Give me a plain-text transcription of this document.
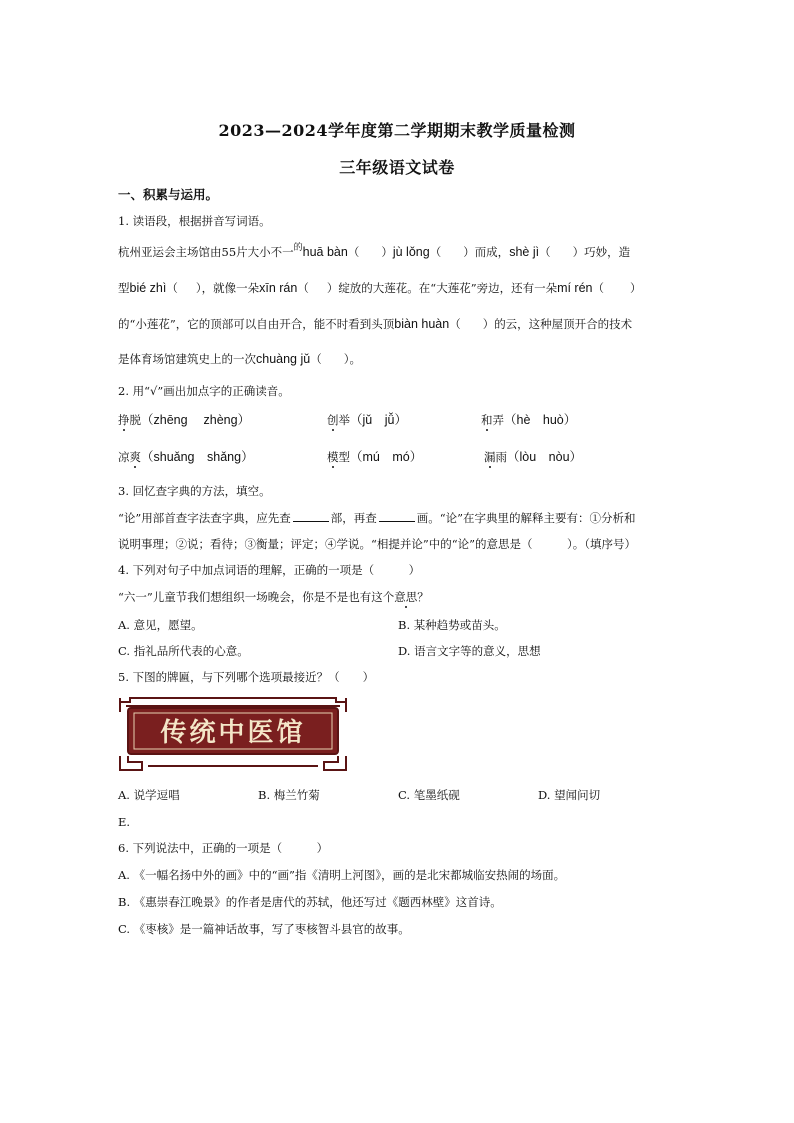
2023—2024学年度第二学期期末教学质量检测
三年级语文试卷
一、积累与运用。
1. 读语段，根据拼音写词语。
杭州亚运会主场馆由55片大小不一$^的$huā bàn（ ）jù lǒng（ ）而成，shè jì（ ）巧妙，造
型bié zhì（ ），就像一朵xīn rán（ ）绽放的大莲花。在“大莲花”旁边，还有一朵mí rén（ ）
的“小莲花”，它的顶部可以自由开合，能不时看到头顶biàn huàn（ ）的云，这种屋顶开合的技术
是体育场馆建筑史上的一次chuàng jǔ（ ）。
2. 用“√”画出加点字的正确读音。
挣脱（zhēng　 zhèng）	创举（jǔ　jǚ）	和弄（hè　huò）
凉爽（shuǎng　shǎng）	模型（mú　mó）	漏雨（lòu　nòu）
3. 回忆查字典的方法，填空。
“论”用部首查字法查字典，应先查	部，再查	画。“论”在字典里的解释主要有：①分析和
说明事理；②说；看待；③衡量；评定；④学说。“相提并论”中的“论”的意思是（　　　）。（填序号）
4. 下列对句子中加点词语的理解，正确的一项是（　　　）
“六一”儿童节我们想组织一场晚会，你是不是也有这个意思？
A. 意见，愿望。	B. 某种趋势或苗头。
C. 指礼品所代表的心意。	D. 语言文字等的意义，思想
5. 下图的牌匾，与下列哪个选项最接近？（　　）
传统中医馆
A. 说学逗唱	B. 梅兰竹菊	C. 笔墨纸砚	D. 望闻问切
E.
6. 下列说法中，正确的一项是（　　　）
A. 《一幅名扬中外的画》中的“画”指《清明上河图》，画的是北宋都城临安热闹的场面。
B. 《惠崇春江晚景》的作者是唐代的苏轼，他还写过《题西林壁》这首诗。
C. 《枣核》是一篇神话故事，写了枣核智斗县官的故事。
